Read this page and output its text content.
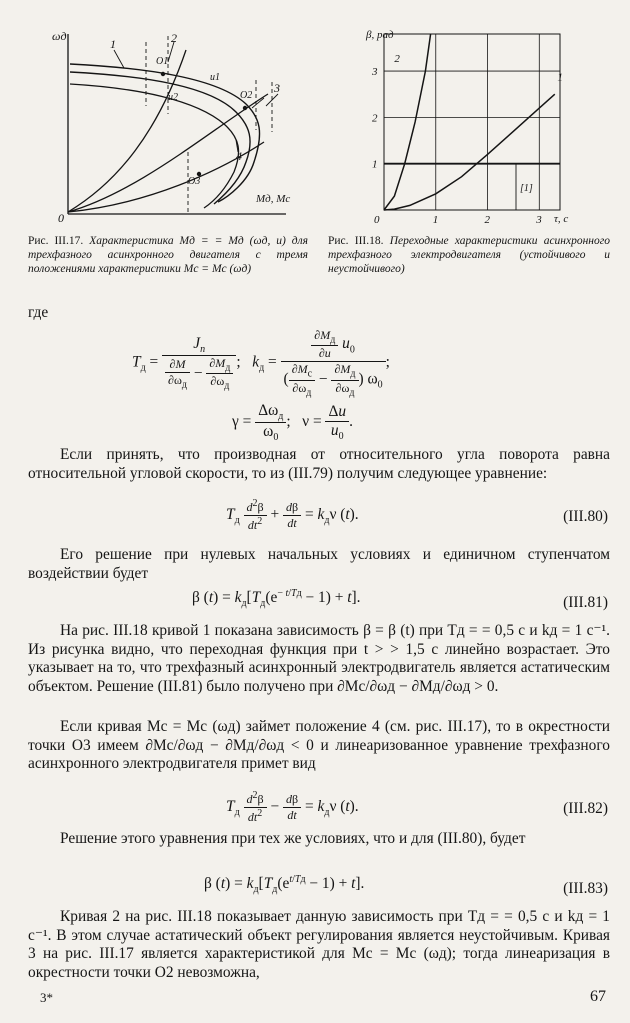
ωд
Mд, Mс
0
1	2
3
4
O1
O2
O3
u1
u2
β, рад
τ, с
0	1	2	3
1
2
3
2
1
[1]
Рис. III.17. Характеристика Mд = = Mд (ωд, u) для трехфазного асинхронного двигателя с тремя положениями характеристики Mс = Mс (ωд)
Рис. III.18. Переходные характеристики асинхронного трехфазного электродвигателя (устойчивого и неустойчивого)
где
$T_д$ =
$J_n$
∂M
$\partial\omega_д$
−
$\partial M_д$
$\partial\omega_д$
;   $k_д$ =
$\partial M_д$
∂u
$u_0$
(
$\partial M_с$
$\partial\omega_д$
−
$\partial M_д$
$\partial\omega_д$
) $\omega_0$
;
γ =
$\Delta\omega_д$
$\omega_0$
;   $\nu = \frac{\Delta u}{u_0}$ .
Если принять, что производная от относительного угла поворота равна относительной угловой скорости, то из (III.79) получим следующее уравнение:
$T_д \frac{d^2\beta}{dt^2} + \frac{d\beta}{dt} = k_д\nu$ (t).	(III.80)
Его решение при нулевых начальных условиях и единичном ступенчатом воздействии будет
β $(t) = k_д[T_д(e^{- t/Tд} - 1) + t]$.	(III.81)
На рис. III.18 кривой 1 показана зависимость β = β (t) при Tд = = 0,5 с и kд = 1 с⁻¹. Из рисунка видно, что переходная функция при t > > 1,5 с линейно возрастает. Это указывает на то, что трехфазный асинхронный электродвигатель является астатическим объектом. Решение (III.81) было получено при ∂Mс/∂ωд − ∂Mд/∂ωд > 0.
Если кривая Mс = Mс (ωд) займет положение 4 (см. рис. III.17), то в окрестности точки O3 имеем ∂Mс/∂ωд − ∂Mд/∂ωд < 0 и линеаризованное уравнение трехфазного асинхронного электродвигателя примет вид
$T_д \frac{d^2\beta}{dt^2} - \frac{d\beta}{dt} = k_д\nu$ (t).	(III.82)
Решение этого уравнения при тех же условиях, что и для (III.80), будет
β $(t) = k_д[T_д(e^{t/Tд} - 1) + t]$.	(III.83)
Кривая 2 на рис. III.18 показывает данную зависимость при Tд = = 0,5 с и kд = 1 с⁻¹. В этом случае астатический объект регулирования является неустойчивым. Кривая 3 на рис. III.17 является характеристикой для Mс = Mс (ωд); тогда линеаризация в окрестности точки O2 невозможна,
3*	67
